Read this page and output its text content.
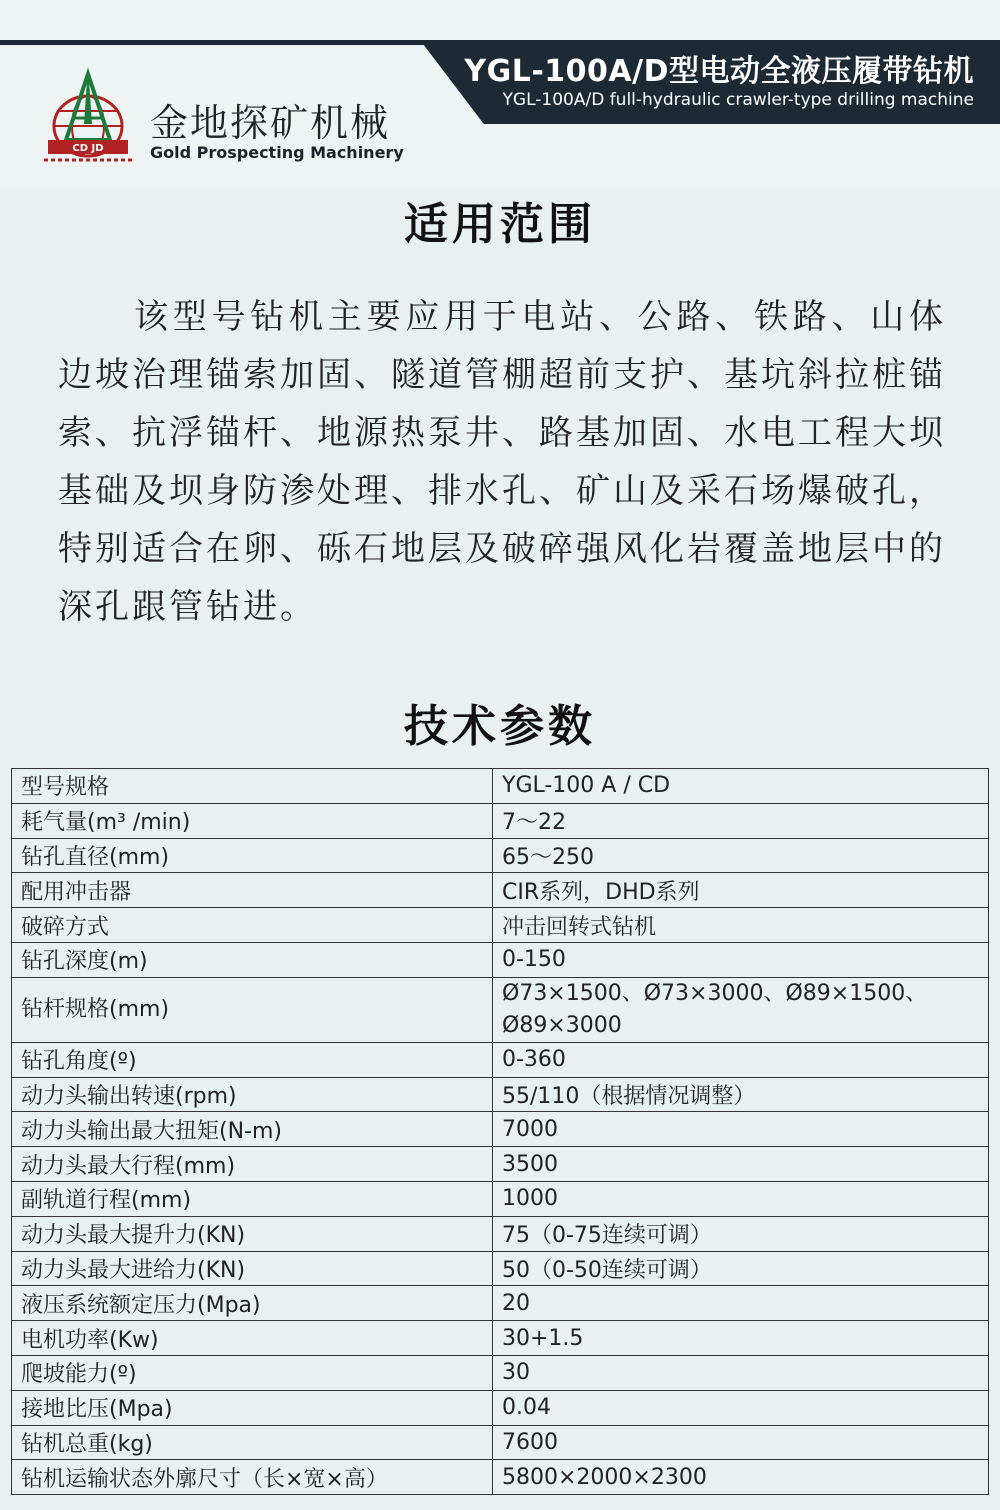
YGL-100A/D型电动全液压履带钻机
YGL-100A/D full-hydraulic crawler-type drilling machine
CD JD
金地探矿机械
Gold Prospecting Machinery
适用范围
该型号钻机主要应用于电站、公路、铁路、山体边坡治理锚索加固、隧道管棚超前支护、基坑斜拉桩锚索、抗浮锚杆、地源热泵井、路基加固、水电工程大坝基础及坝身防渗处理、排水孔、矿山及采石场爆破孔，特别适合在卵、砾石地层及破碎强风化岩覆盖地层中的深孔跟管钻进。
技术参数
型号规格	YGL-100 A / CD
耗气量(m³ /min)	7～22
钻孔直径(mm)	65～250
配用冲击器	CIR系列，DHD系列
破碎方式	冲击回转式钻机
钻孔深度(m)	0-150
钻杆规格(mm)	Ø73×1500、Ø73×3000、Ø89×1500、Ø89×3000
钻孔角度(º)	0-360
动力头输出转速(rpm)	55/110（根据情况调整）
动力头输出最大扭矩(N-m)	7000
动力头最大行程(mm)	3500
副轨道行程(mm)	1000
动力头最大提升力(KN)	75（0-75连续可调）
动力头最大进给力(KN)	50（0-50连续可调）
液压系统额定压力(Mpa)	20
电机功率(Kw)	30+1.5
爬坡能力(º)	30
接地比压(Mpa)	0.04
钻机总重(kg)	7600
钻机运输状态外廓尺寸（长×宽×高）	5800×2000×2300
